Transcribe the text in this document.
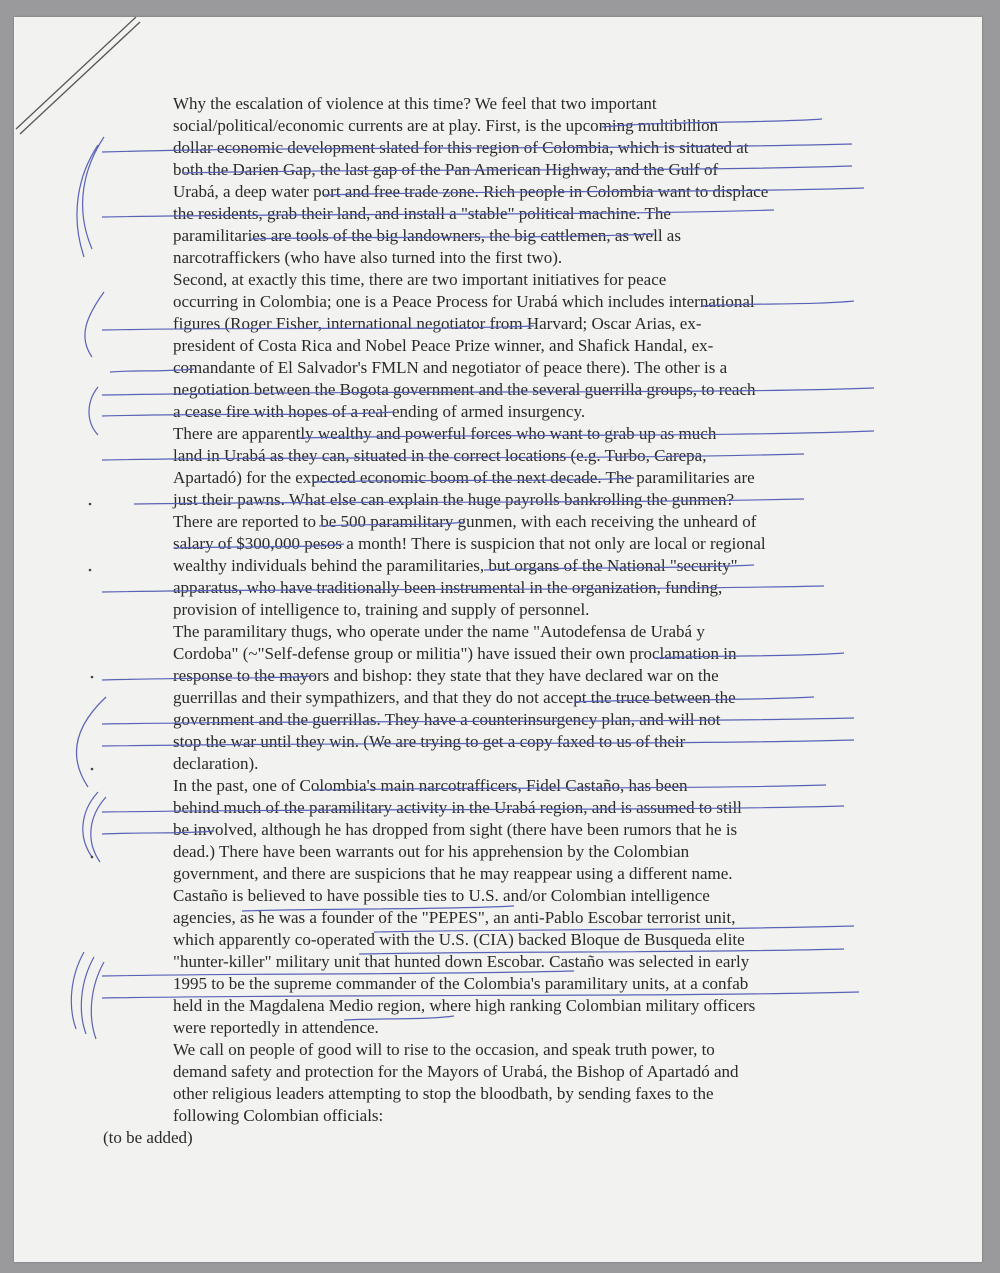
Why the escalation of violence at this time? We feel that two important
social/political/economic currents are at play. First, is the upcoming multibillion
dollar economic development slated for this region of Colombia, which is situated at
both the Darien Gap, the last gap of the Pan American Highway, and the Gulf of
Urabá, a deep water port and free trade zone. Rich people in Colombia want to displace
the residents, grab their land, and install a "stable" political machine. The
paramilitaries are tools of the big landowners, the big cattlemen, as well as
narcotraffickers (who have also turned into the first two).

Second, at exactly this time, there are two important initiatives for peace
occurring in Colombia; one is a Peace Process for Urabá which includes international
figures (Roger Fisher, international negotiator from Harvard; Oscar Arias, ex-
president of Costa Rica and Nobel Peace Prize winner, and Shafick Handal, ex-
comandante of El Salvador's FMLN and negotiator of peace there). The other is a
negotiation between the Bogota government and the several guerrilla groups, to reach
a cease fire with hopes of a real ending of armed insurgency.

There are apparently wealthy and powerful forces who want to grab up as much
land in Urabá as they can, situated in the correct locations (e.g. Turbo, Carepa,
Apartadó) for the expected economic boom of the next decade. The paramilitaries are
just their pawns. What else can explain the huge payrolls bankrolling the gunmen?
There are reported to be 500 paramilitary gunmen, with each receiving the unheard of
salary of $300,000 pesos a month! There is suspicion that not only are local or regional
wealthy individuals behind the paramilitaries, but organs of the National "security"
apparatus, who have traditionally been instrumental in the organization, funding,
provision of intelligence to, training and supply of personnel.

The paramilitary thugs, who operate under the name "Autodefensa de Urabá y
Cordoba" (~"Self-defense group or militia") have issued their own proclamation in
response to the mayors and bishop: they state that they have declared war on the
guerrillas and their sympathizers, and that they do not accept the truce between the
government and the guerrillas. They have a counterinsurgency plan, and will not
stop the war until they win. (We are trying to get a copy faxed to us of their
declaration).

In the past, one of Colombia's main narcotrafficers, Fidel Castaño, has been
behind much of the paramilitary activity in the Urabá region, and is assumed to still
be involved, although he has dropped from sight (there have been rumors that he is
dead.) There have been warrants out for his apprehension by the Colombian
government, and there are suspicions that he may reappear using a different name.
Castaño is believed to have possible ties to U.S. and/or Colombian intelligence
agencies, as he was a founder of the "PEPES", an anti-Pablo Escobar terrorist unit,
which apparently co-operated with the U.S. (CIA) backed Bloque de Busqueda elite
"hunter-killer" military unit that hunted down Escobar. Castaño was selected in early
1995 to be the supreme commander of the Colombia's paramilitary units, at a confab
held in the Magdalena Medio region, where high ranking Colombian military officers
were reportedly in attendence.

We call on people of good will to rise to the occasion, and speak truth power, to
demand safety and protection for the Mayors of Urabá, the Bishop of Apartadó and
other religious leaders attempting to stop the bloodbath, by sending faxes to the
following Colombian officials:

(to be added)
